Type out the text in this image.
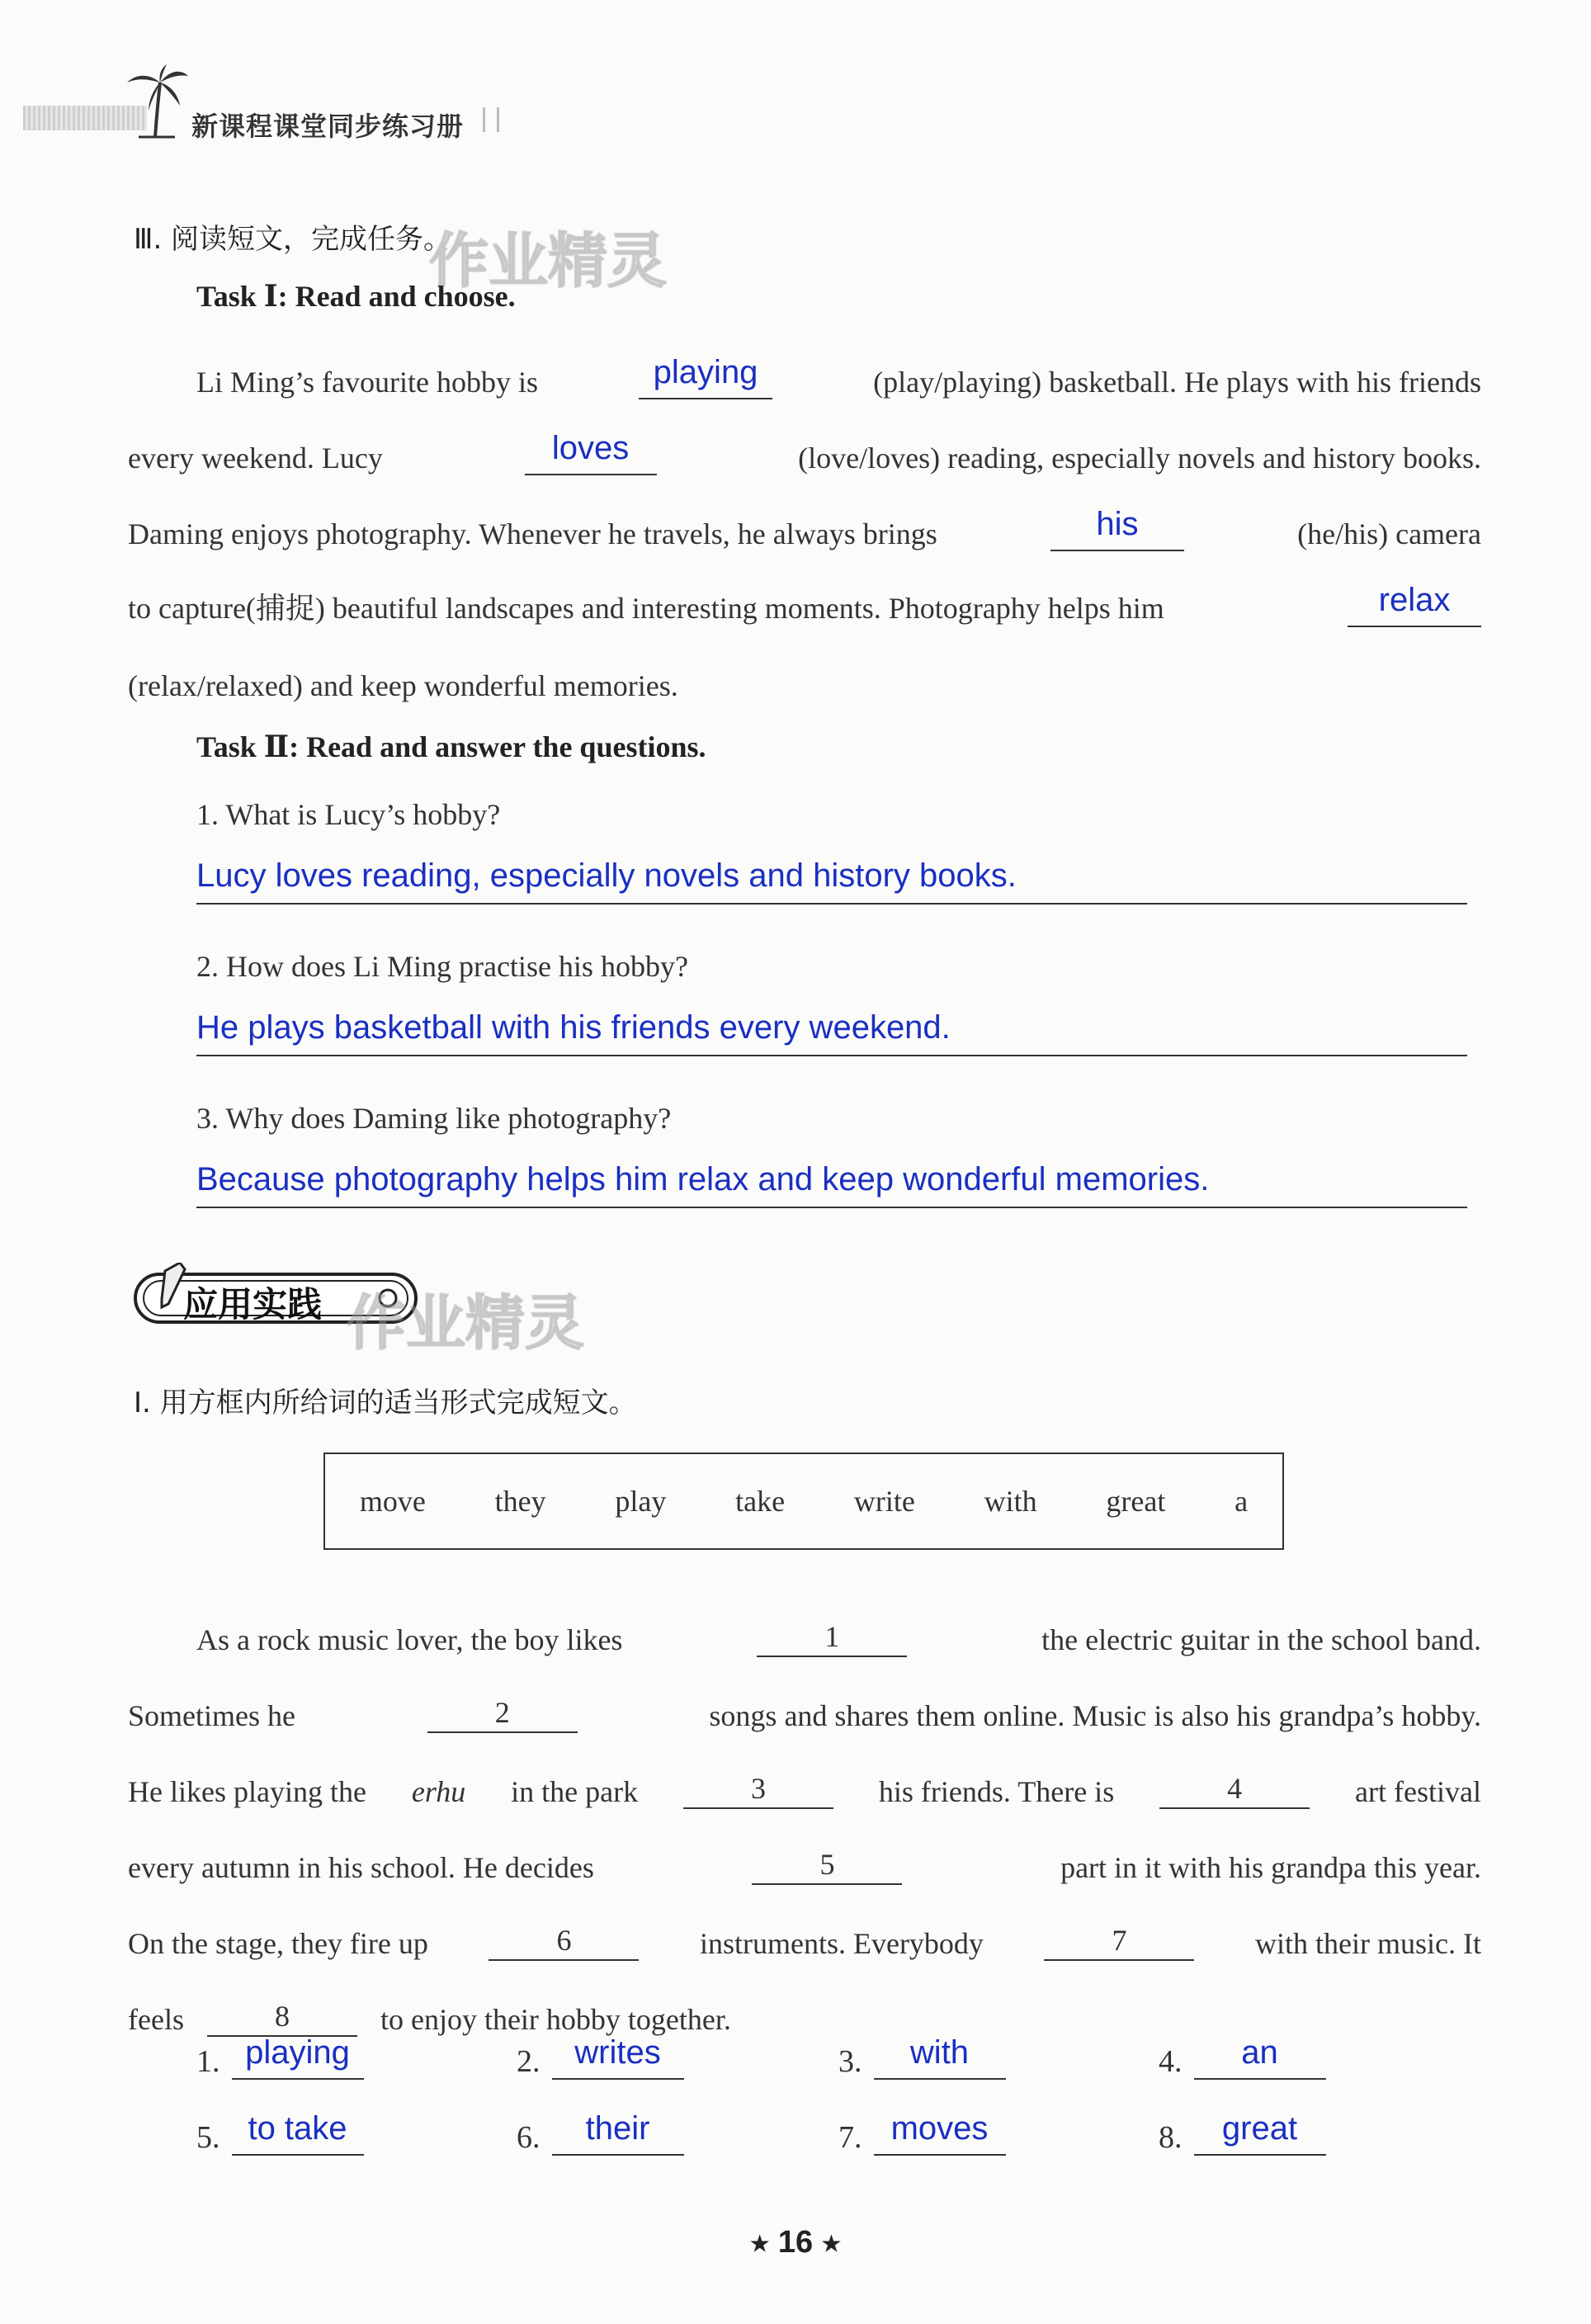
新课程课堂同步练习册
Ⅲ. 阅读短文，完成任务。
作业精灵
Task Ⅰ: Read and choose.
Li Ming’s favourite hobby is	playing	(play/playing) basketball. He plays with his friends
every weekend. Lucy	loves	(love/loves) reading, especially novels and history books.
Daming enjoys photography. Whenever he travels, he always brings	his	(he/his) camera
to capture(捕捉) beautiful landscapes and interesting moments. Photography helps him	relax
(relax/relaxed) and keep wonderful memories.
Task Ⅱ: Read and answer the questions.
1. What is Lucy’s hobby?
Lucy loves reading, especially novels and history books.
2. How does Li Ming practise his hobby?
He plays basketball with his friends every weekend.
3. Why does Daming like photography?
Because photography helps him relax and keep wonderful memories.
应用实践 作业精灵
Ⅰ. 用方框内所给词的适当形式完成短文。
move they play take write with great a
As a rock music lover, the boy likes	1	the electric guitar in the school band.
Sometimes he	2	songs and shares them online. Music is also his grandpa’s hobby.
He likes playing the erhu in the park	3	his friends. There is	4	art festival
every autumn in his school. He decides	5	part in it with his grandpa this year.
On the stage, they fire up	6	instruments. Everybody	7	with their music. It
feels	8	to enjoy their hobby together.
1. playing	2.	writes	3.	with	4.	an
5. to take	6.	their	7. moves	8.	great
★ 16 ★
